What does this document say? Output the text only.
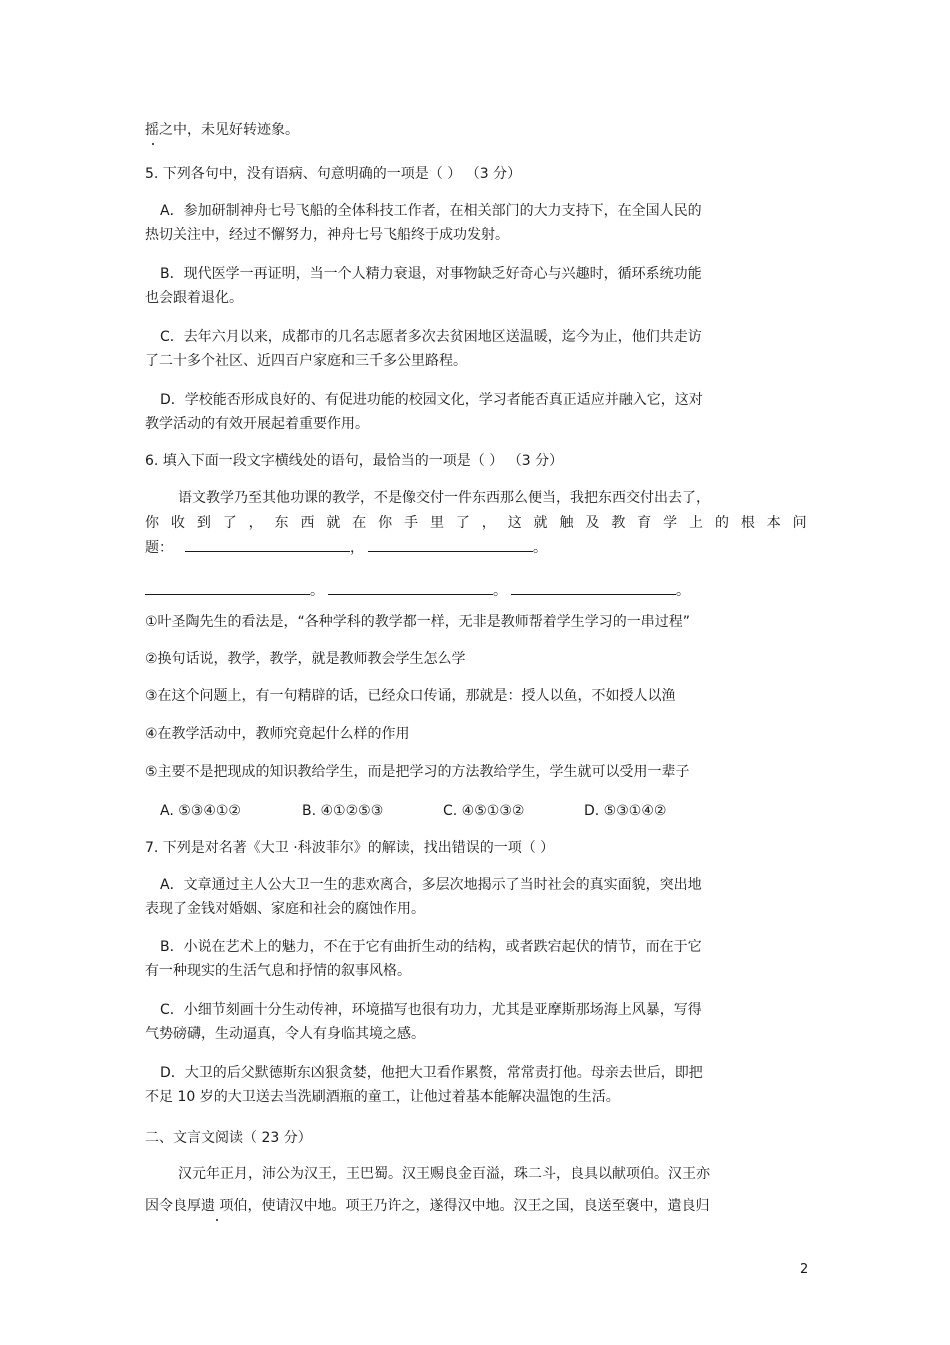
摇之中，未见好转迹象。
5. 下列各句中，没有语病、句意明确的一项是（ ） （3 分）
A．参加研制神舟七号飞船的全体科技工作者，在相关部门的大力支持下，在全国人民的
热切关注中，经过不懈努力，神舟七号飞船终于成功发射。
B．现代医学一再证明，当一个人精力衰退，对事物缺乏好奇心与兴趣时，循环系统功能
也会跟着退化。
C．去年六月以来，成都市的几名志愿者多次去贫困地区送温暖，迄今为止，他们共走访
了二十多个社区、近四百户家庭和三千多公里路程。
D．学校能否形成良好的、有促进功能的校园文化，学习者能否真正适应并融入它，这对
教学活动的有效开展起着重要作用。
6. 填入下面一段文字横线处的语句，最恰当的一项是（ ） （3 分）
语文教学乃至其他功课的教学，不是像交付一件东西那么便当，我把东西交付出去了，
你 收 到 了 ， 东 西 就 在 你 手 里 了 ， 这 就 触 及 教 育 学 上 的 根 本 问
题：	，	。
。	。	。
①叶圣陶先生的看法是，“各种学科的教学都一样，无非是教师帮着学生学习的一串过程”
②换句话说，教学，教学，就是教师教会学生怎么学
③在这个问题上，有一句精辟的话，已经众口传诵，那就是：授人以鱼，不如授人以渔
④在教学活动中，教师究竟起什么样的作用
⑤主要不是把现成的知识教给学生，而是把学习的方法教给学生，学生就可以受用一辈子
A. ⑤③④①②	B. ④①②⑤③	C. ④⑤①③②	D. ⑤③①④②
7. 下列是对名著《大卫 ·科波菲尔》的解读，找出错误的一项（ ）
A．文章通过主人公大卫一生的悲欢离合，多层次地揭示了当时社会的真实面貌，突出地
表现了金钱对婚姻、家庭和社会的腐蚀作用。
B．小说在艺术上的魅力，不在于它有曲折生动的结构，或者跌宕起伏的情节，而在于它
有一种现实的生活气息和抒情的叙事风格。
C．小细节刻画十分生动传神，环境描写也很有功力，尤其是亚摩斯那场海上风暴，写得
气势磅礴，生动逼真，令人有身临其境之感。
D．大卫的后父默德斯东凶狠贪婪，他把大卫看作累赘，常常责打他。母亲去世后，即把
不足 10 岁的大卫送去当洗刷酒瓶的童工，让他过着基本能解决温饱的生活。
二、文言文阅读（ 23 分）
汉元年正月，沛公为汉王，王巴蜀。汉王赐良金百溢，珠二斗，良具以献项伯。汉王亦
因令良厚遗 项伯，使请汉中地。项王乃许之，遂得汉中地。汉王之国，良送至褒中，遣良归
2
